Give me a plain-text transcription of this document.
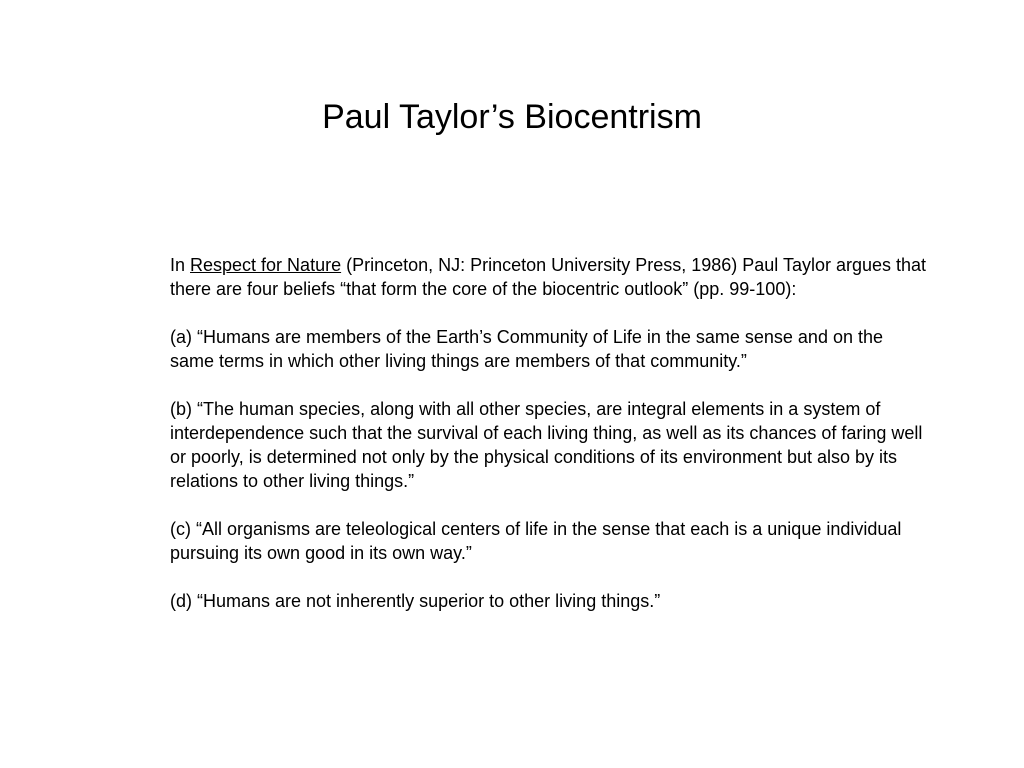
Paul Taylor’s Biocentrism

In Respect for Nature (Princeton, NJ: Princeton University Press, 1986) Paul Taylor argues that there are four beliefs “that form the core of the biocentric outlook” (pp. 99-100):

(a) “Humans are members of the Earth’s Community of Life in the same sense and on the same terms in which other living things are members of that community.”

(b) “The human species, along with all other species, are integral elements in a system of interdependence such that the survival of each living thing, as well as its chances of faring well or poorly, is determined not only by the physical conditions of its environment but also by its relations to other living things.”

(c) “All organisms are teleological centers of life in the sense that each is a unique individual pursuing its own good in its own way.”

(d) “Humans are not inherently superior to other living things.”
